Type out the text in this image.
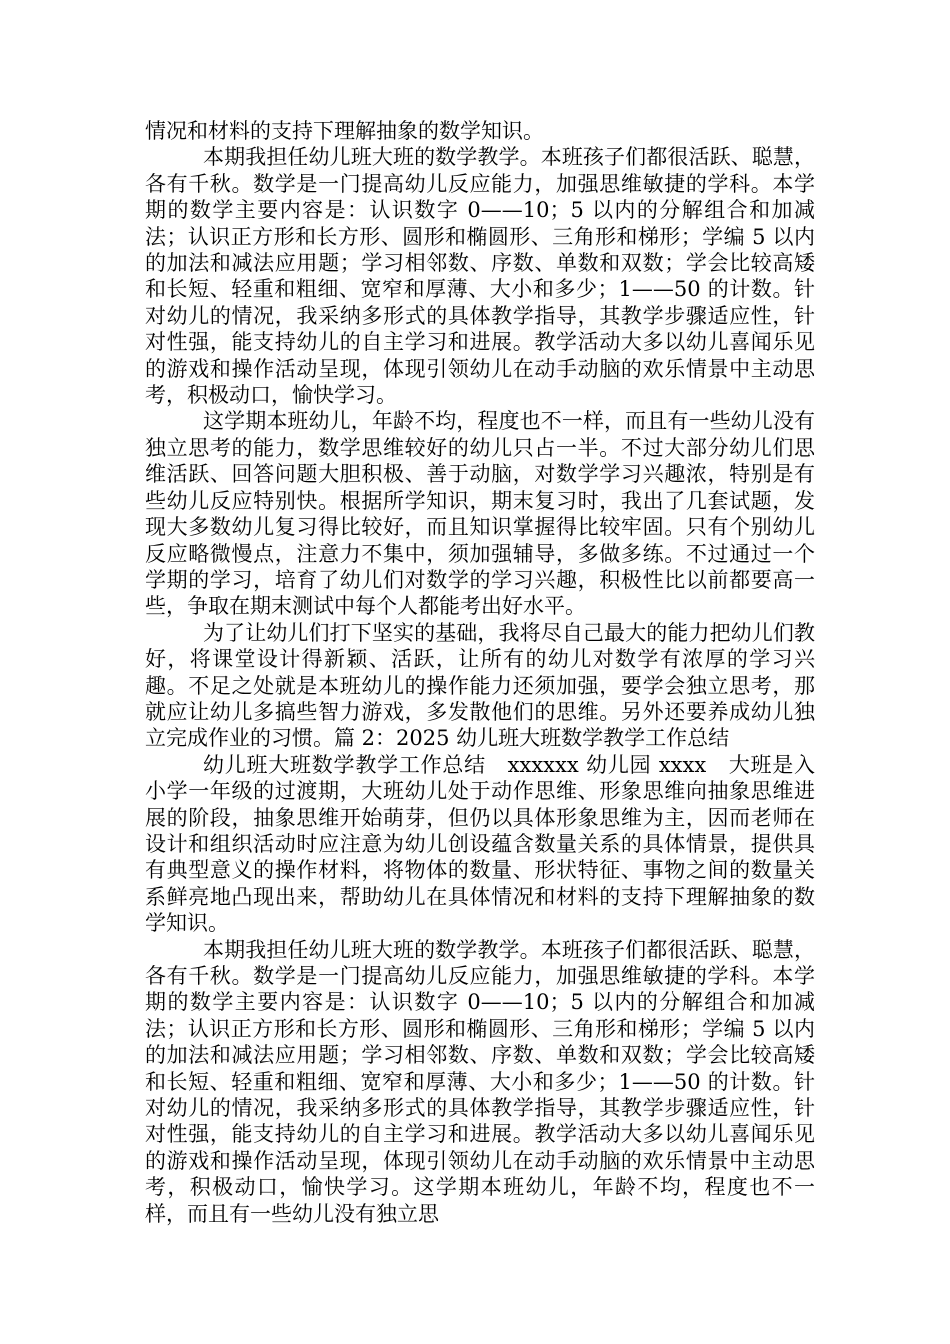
情况和材料的支持下理解抽象的数学知识。

本期我担任幼儿班大班的数学教学。本班孩子们都很活跃、聪慧，各有千秋。数学是一门提高幼儿反应能力，加强思维敏捷的学科。本学期的数学主要内容是：认识数字 0——10；5 以内的分解组合和加减法；认识正方形和长方形、圆形和椭圆形、三角形和梯形；学编 5 以内的加法和减法应用题；学习相邻数、序数、单数和双数；学会比较高矮和长短、轻重和粗细、宽窄和厚薄、大小和多少；1——50 的计数。针对幼儿的情况，我采纳多形式的具体教学指导，其教学步骤适应性，针对性强，能支持幼儿的自主学习和进展。教学活动大多以幼儿喜闻乐见的游戏和操作活动呈现，体现引领幼儿在动手动脑的欢乐情景中主动思考，积极动口，愉快学习。

这学期本班幼儿，年龄不均，程度也不一样，而且有一些幼儿没有独立思考的能力，数学思维较好的幼儿只占一半。不过大部分幼儿们思维活跃、回答问题大胆积极、善于动脑，对数学学习兴趣浓，特别是有些幼儿反应特别快。根据所学知识，期末复习时，我出了几套试题，发现大多数幼儿复习得比较好，而且知识掌握得比较牢固。只有个别幼儿反应略微慢点，注意力不集中，须加强辅导，多做多练。不过通过一个学期的学习，培育了幼儿们对数学的学习兴趣，积极性比以前都要高一些，争取在期末测试中每个人都能考出好水平。

为了让幼儿们打下坚实的基础，我将尽自己最大的能力把幼儿们教好，将课堂设计得新颖、活跃，让所有的幼儿对数学有浓厚的学习兴趣。不足之处就是本班幼儿的操作能力还须加强，要学会独立思考，那就应让幼儿多搞些智力游戏，多发散他们的思维。另外还要养成幼儿独立完成作业的习惯。篇 2：2025 幼儿班大班数学教学工作总结

幼儿班大班数学教学工作总结　xxxxxx 幼儿园 xxxx　大班是入小学一年级的过渡期，大班幼儿处于动作思维、形象思维向抽象思维进展的阶段，抽象思维开始萌芽，但仍以具体形象思维为主，因而老师在设计和组织活动时应注意为幼儿创设蕴含数量关系的具体情景，提供具有典型意义的操作材料，将物体的数量、形状特征、事物之间的数量关系鲜亮地凸现出来，帮助幼儿在具体情况和材料的支持下理解抽象的数学知识。

本期我担任幼儿班大班的数学教学。本班孩子们都很活跃、聪慧，各有千秋。数学是一门提高幼儿反应能力，加强思维敏捷的学科。本学期的数学主要内容是：认识数字 0——10；5 以内的分解组合和加减法；认识正方形和长方形、圆形和椭圆形、三角形和梯形；学编 5 以内的加法和减法应用题；学习相邻数、序数、单数和双数；学会比较高矮和长短、轻重和粗细、宽窄和厚薄、大小和多少；1——50 的计数。针对幼儿的情况，我采纳多形式的具体教学指导，其教学步骤适应性，针对性强，能支持幼儿的自主学习和进展。教学活动大多以幼儿喜闻乐见的游戏和操作活动呈现，体现引领幼儿在动手动脑的欢乐情景中主动思考，积极动口，愉快学习。这学期本班幼儿，年龄不均，程度也不一样，而且有一些幼儿没有独立思
